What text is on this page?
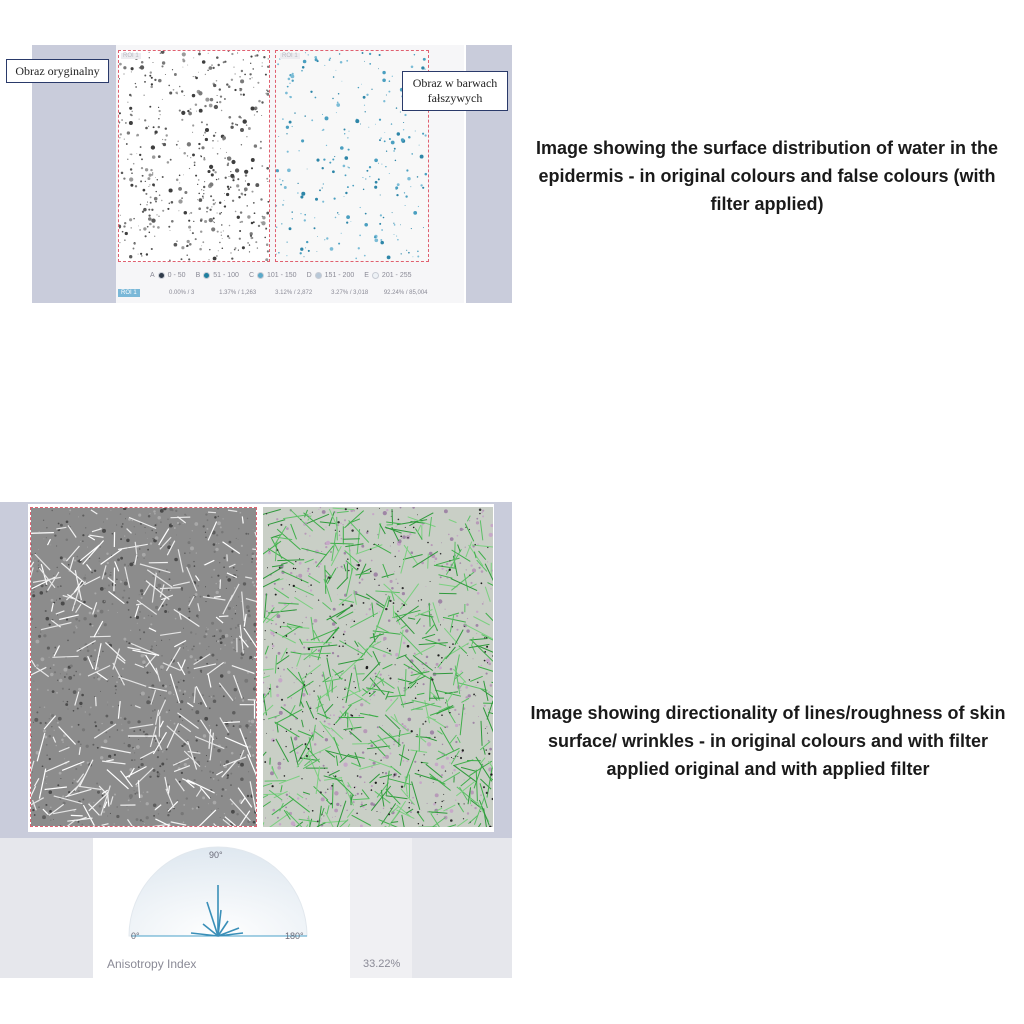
ROI 1	ROI 1
Obraz oryginalny
Obraz w barwach fałszywych
A 0 - 50 B 51 - 100 C 101 - 150 D 151 - 200 E 201 - 255
ROI 1	0.00% / 3	1.37% / 1,263	3.12% / 2,872	3.27% / 3,018	92.24% / 85,004
Image showing the surface distribution of water in the epidermis - in original colours and false colours (with filter applied)
Image showing directionality of lines/roughness of skin surface/ wrinkles - in original colours and with filter applied original and with applied filter
90°
0°	180°
Anisotropy Index	33.22%
